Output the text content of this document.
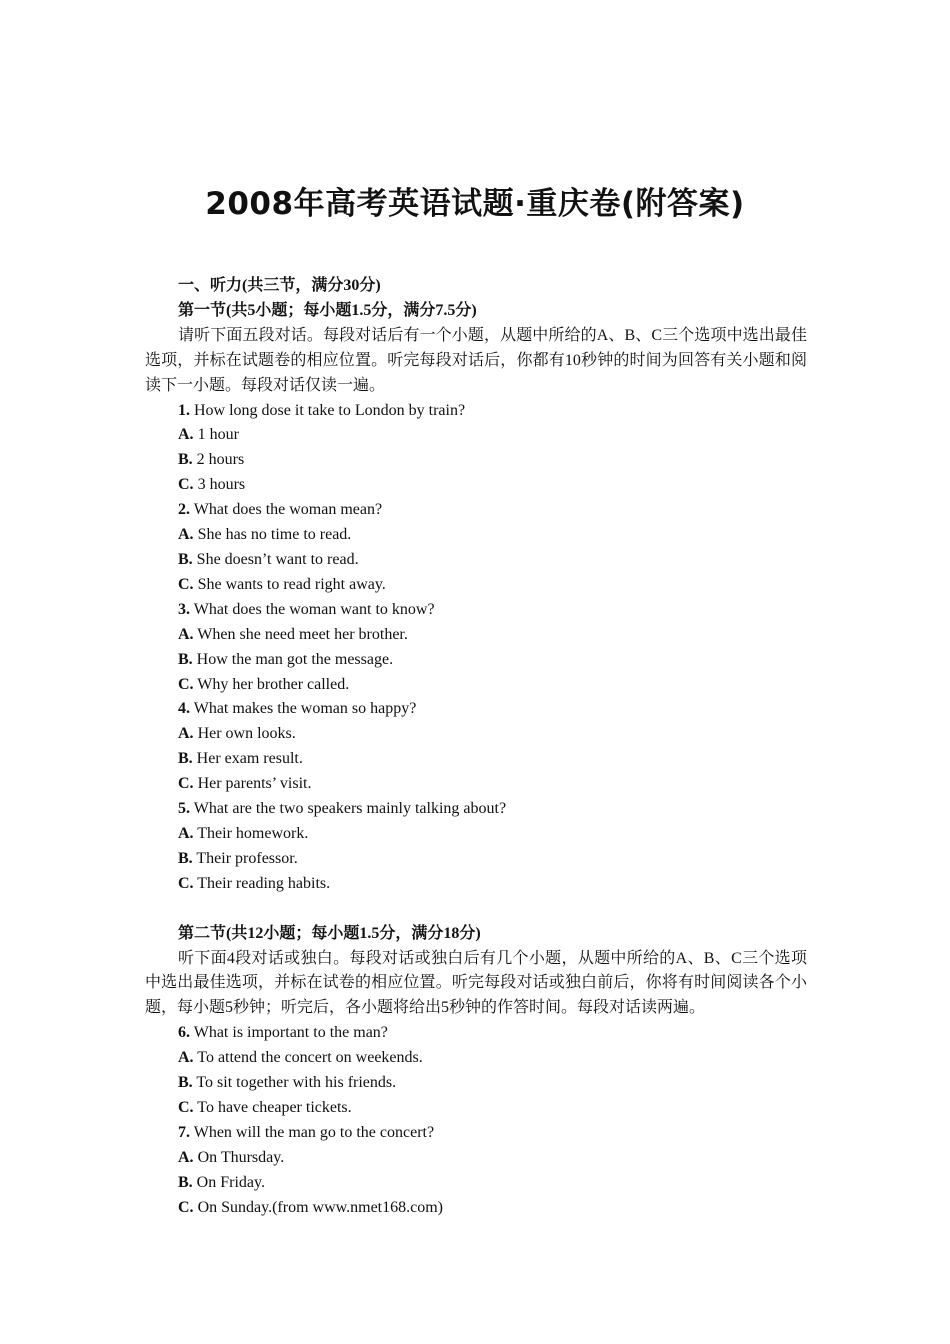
2008年高考英语试题·重庆卷(附答案)

一、听力(共三节，满分30分)

第一节(共5小题；每小题1.5分，满分7.5分)

请听下面五段对话。每段对话后有一个小题，从题中所给的A、B、C三个选项中选出最佳选项，并标在试题卷的相应位置。听完每段对话后，你都有10秒钟的时间为回答有关小题和阅读下一小题。每段对话仅读一遍。

1. How long dose it take to London by train?

A. 1 hour

B. 2 hours

C. 3 hours

2. What does the woman mean?

A. She has no time to read.

B. She doesn’t want to read.

C. She wants to read right away.

3. What does the woman want to know?

A. When she need meet her brother.

B. How the man got the message.

C. Why her brother called.

4. What makes the woman so happy?

A. Her own looks.

B. Her exam result.

C. Her parents’ visit.

5. What are the two speakers mainly talking about?

A. Their homework.

B. Their professor.

C. Their reading habits.

第二节(共12小题；每小题1.5分，满分18分)

听下面4段对话或独白。每段对话或独白后有几个小题，从题中所给的A、B、C三个选项中选出最佳选项，并标在试卷的相应位置。听完每段对话或独白前后，你将有时间阅读各个小题，每小题5秒钟；听完后，各小题将给出5秒钟的作答时间。每段对话读两遍。

6. What is important to the man?

A. To attend the concert on weekends.

B. To sit together with his friends.

C. To have cheaper tickets.

7. When will the man go to the concert?

A. On Thursday.

B. On Friday.

C. On Sunday.(from www.nmet168.com)
